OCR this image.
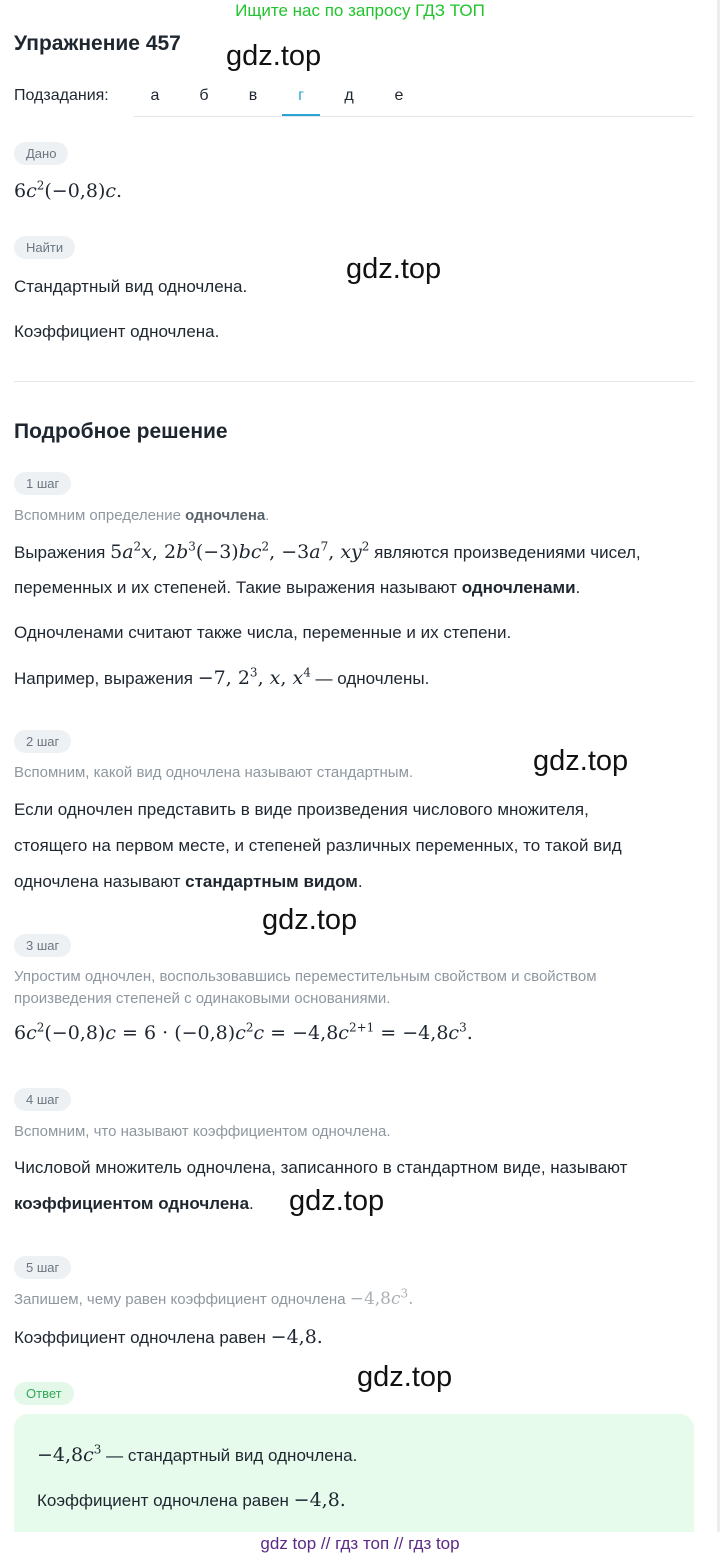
Ищите нас по запросу ГДЗ ТОП
Упражнение 457 gdz.top
gdz.top
gdz.top
gdz.top
gdz.top
gdz.top
Подзадания:	а	б	в	г	д	е
Дано
$6c^2(-0,8)c$.
Найти
Стандартный вид одночлена.
Коэффициент одночлена.
Подробное решение
1 шаг
Вспомним определение одночлена.
Выражения $5a^2x$, $2b^3(-3)bc^2$, $-3a^7$, $xy^2$ являются произведениями чисел,
переменных и их степеней. Такие выражения называют одночленами.
Одночленами считают также числа, переменные и их степени.
Например, выражения −7, $2^3$, x, $x^4$ — одночлены.
2 шаг
Вспомним, какой вид одночлена называют стандартным.
Если одночлен представить в виде произведения числового множителя,
стоящего на первом месте, и степеней различных переменных, то такой вид
одночлена называют стандартным видом.
3 шаг
Упростим одночлен, воспользовавшись переместительным свойством и свойством
произведения степеней с одинаковыми основаниями.
$6c^2(-0,8)c = 6 \cdot (-0,8)c^2c = -4,8c^{2+1} = -4,8c^3$.
4 шаг
Вспомним, что называют коэффициентом одночлена.
Числовой множитель одночлена, записанного в стандартном виде, называют
коэффициентом одночлена.
5 шаг
Запишем, чему равен коэффициент одночлена $-4,8c^3$.
Коэффициент одночлена равен −4,8.
Ответ
$-4,8c^3$ — стандартный вид одночлена.
Коэффициент одночлена равен −4,8.
gdz top // гдз топ // гдз top
